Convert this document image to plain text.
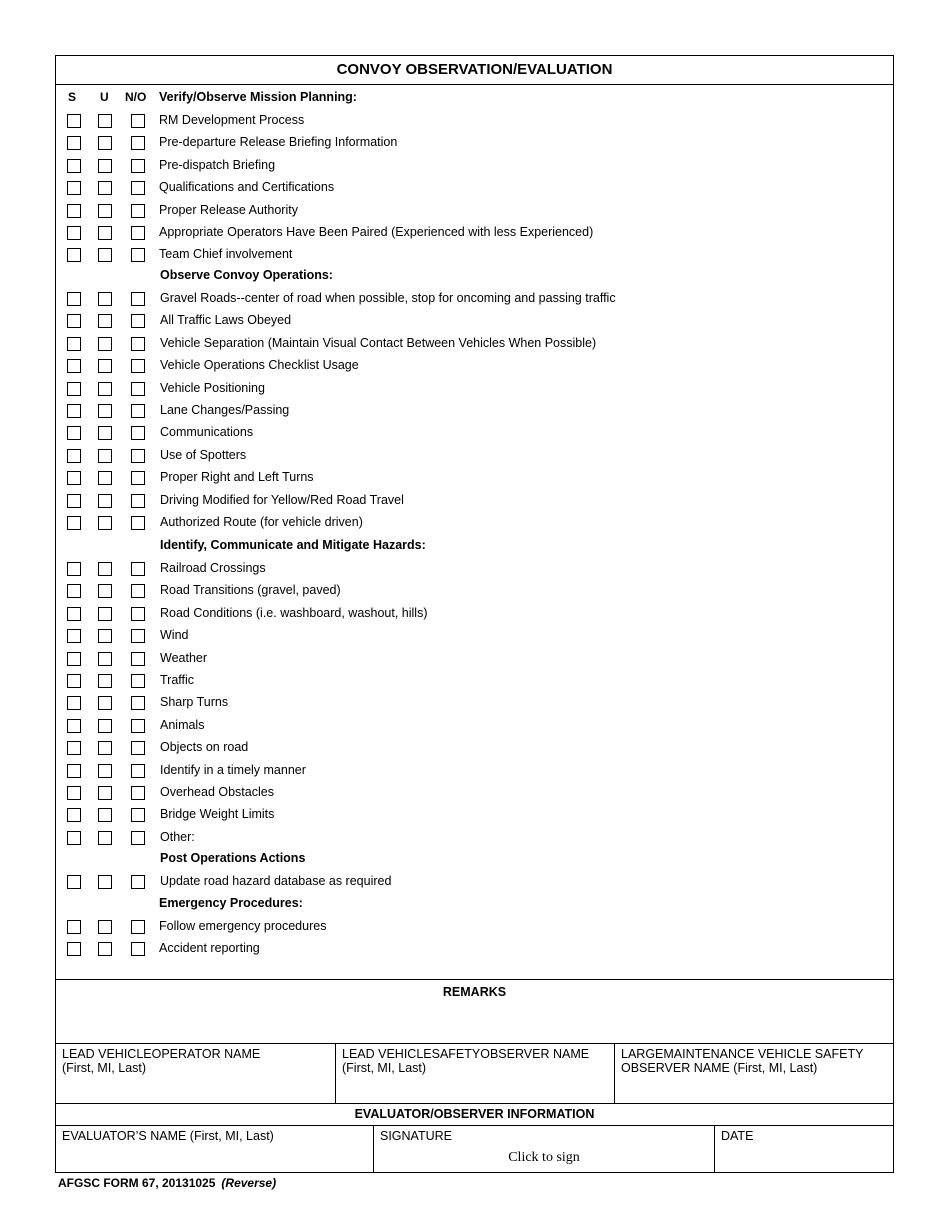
CONVOY OBSERVATION/EVALUATION
S U N/O Verify/Observe Mission Planning:
RM Development Process
Pre-departure Release Briefing Information
Pre-dispatch Briefing
Qualifications and Certifications
Proper Release Authority
Appropriate Operators Have Been Paired (Experienced with less Experienced)
Team Chief involvement
Observe Convoy Operations:
Gravel Roads--center of road when possible, stop for oncoming and passing traffic
All Traffic Laws Obeyed
Vehicle Separation (Maintain Visual Contact Between Vehicles When Possible)
Vehicle Operations Checklist Usage
Vehicle Positioning
Lane Changes/Passing
Communications
Use of Spotters
Proper Right and Left Turns
Driving Modified for Yellow/Red Road Travel
Authorized Route (for vehicle driven)
Identify, Communicate and Mitigate Hazards:
Railroad Crossings
Road Transitions (gravel, paved)
Road Conditions (i.e. washboard, washout, hills)
Wind
Weather
Traffic
Sharp Turns
Animals
Objects on road
Identify in a timely manner
Overhead Obstacles
Bridge Weight Limits
Other:
Post Operations Actions
Update road hazard database as required
Emergency Procedures:
Follow emergency procedures
Accident reporting
REMARKS
LEAD VEHICLEOPERATOR NAME
(First, MI, Last)
LEAD VEHICLESAFETYOBSERVER NAME
(First, MI, Last)
LARGEMAINTENANCE VEHICLE SAFETY
OBSERVER NAME (First, MI, Last)
EVALUATOR/OBSERVER INFORMATION
EVALUATOR’S NAME (First, MI, Last)	SIGNATURE
Click to sign
DATE
AFGSC FORM 67, 20131025 (Reverse)
